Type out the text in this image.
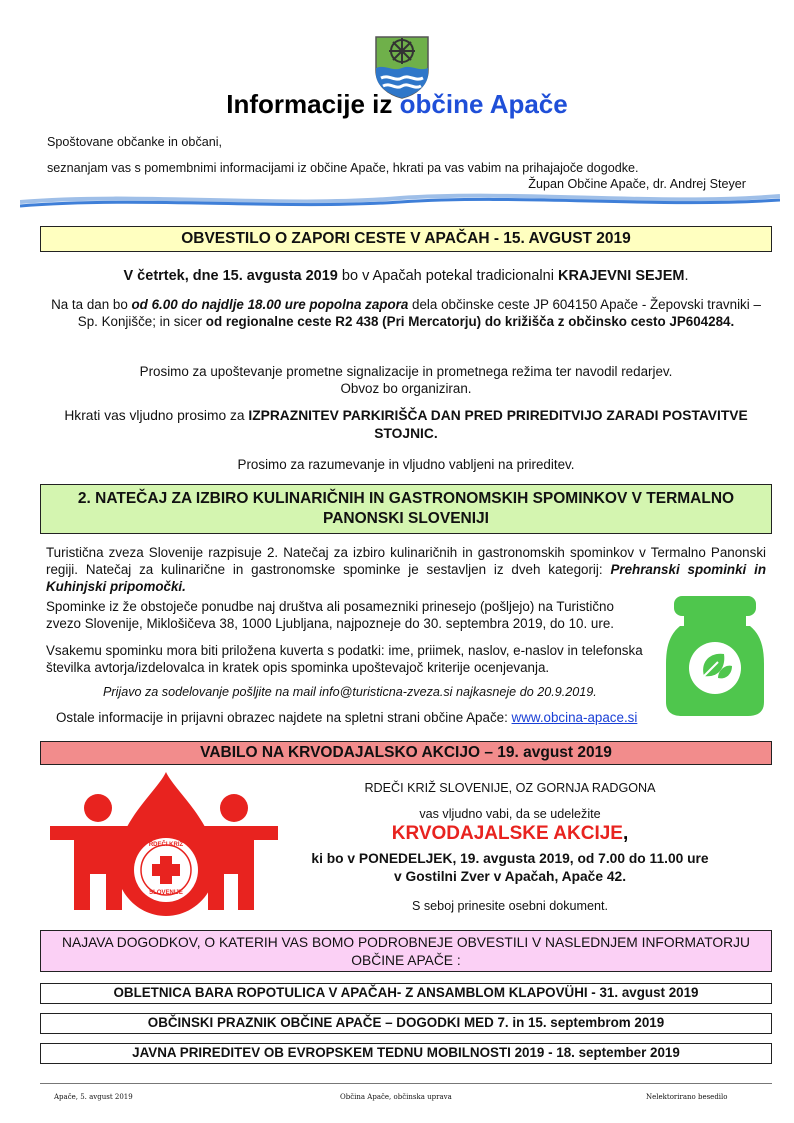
Informacije iz občine Apače
Spoštovane občanke in občani,
seznanjam vas s pomembnimi informacijami iz občine Apače, hkrati pa vas vabim na prihajajoče dogodke.
Župan Občine Apače, dr. Andrej Steyer
OBVESTILO O ZAPORI CESTE V APAČAH - 15. AVGUST 2019
V četrtek, dne 15. avgusta 2019 bo v Apačah potekal tradicionalni KRAJEVNI SEJEM.
Na ta dan bo od 6.00 do najdlje 18.00 ure popolna zapora dela občinske ceste JP 604150 Apače - Žepovski travniki – Sp. Konjišče; in sicer od regionalne ceste R2 438 (Pri Mercatorju) do križišča z občinsko cesto JP604284.
Prosimo za upoštevanje prometne signalizacije in prometnega režima ter navodil redarjev.
Obvoz bo organiziran.
Hkrati vas vljudno prosimo za IZPRAZNITEV PARKIRIŠČA DAN PRED PRIREDITVIJO ZARADI POSTAVITVE STOJNIC.
Prosimo za razumevanje in vljudno vabljeni na prireditev.
2. NATEČAJ ZA IZBIRO KULINARIČNIH IN GASTRONOMSKIH SPOMINKOV V TERMALNO PANONSKI SLOVENIJI
Turistična zveza Slovenije razpisuje 2. Natečaj za izbiro kulinaričnih in gastronomskih spominkov v Termalno Panonski regiji. Natečaj za kulinarične in gastronomske spominke je sestavljen iz dveh kategorij: Prehranski spominki in Kuhinjski pripomočki.
Spominke iz že obstoječe ponudbe naj društva ali posamezniki prinesejo (pošljejo) na Turistično zvezo Slovenije, Miklošičeva 38, 1000 Ljubljana, najpozneje do 30. septembra 2019, do 10. ure.
Vsakemu spominku mora biti priložena kuverta s podatki: ime, priimek, naslov, e-naslov in telefonska številka avtorja/izdelovalca in kratek opis spominka upoštevajoč kriterije ocenjevanja.
Prijavo za sodelovanje pošljite na mail info@turisticna-zveza.si najkasneje do 20.9.2019.
Ostale informacije in prijavni obrazec najdete na spletni strani občine Apače: www.obcina-apace.si
VABILO NA KRVODAJALSKO AKCIJO – 19. avgust 2019
RDEČI KRIŽ
SLOVENIJE
RDEČI KRIŽ SLOVENIJE, OZ GORNJA RADGONA
vas vljudno vabi, da se udeležite
KRVODAJALSKE AKCIJE,
ki bo v PONEDELJEK, 19. avgusta 2019, od 7.00 do 11.00 ure
v Gostilni Zver v Apačah, Apače 42.
S seboj prinesite osebni dokument.
NAJAVA DOGODKOV, O KATERIH VAS BOMO PODROBNEJE OBVESTILI V NASLEDNJEM INFORMATORJU OBČINE APAČE :
OBLETNICA BARA ROPOTULICA V APAČAH- Z ANSAMBLOM KLAPOVÜHI - 31. avgust 2019
OBČINSKI PRAZNIK OBČINE APAČE – DOGODKI MED 7. in 15. septembrom 2019
JAVNA PRIREDITEV OB EVROPSKEM TEDNU MOBILNOSTI 2019 - 18. september 2019
Apače, 5. avgust 2019	Občina Apače, občinska uprava	Nelektorirano besedilo
